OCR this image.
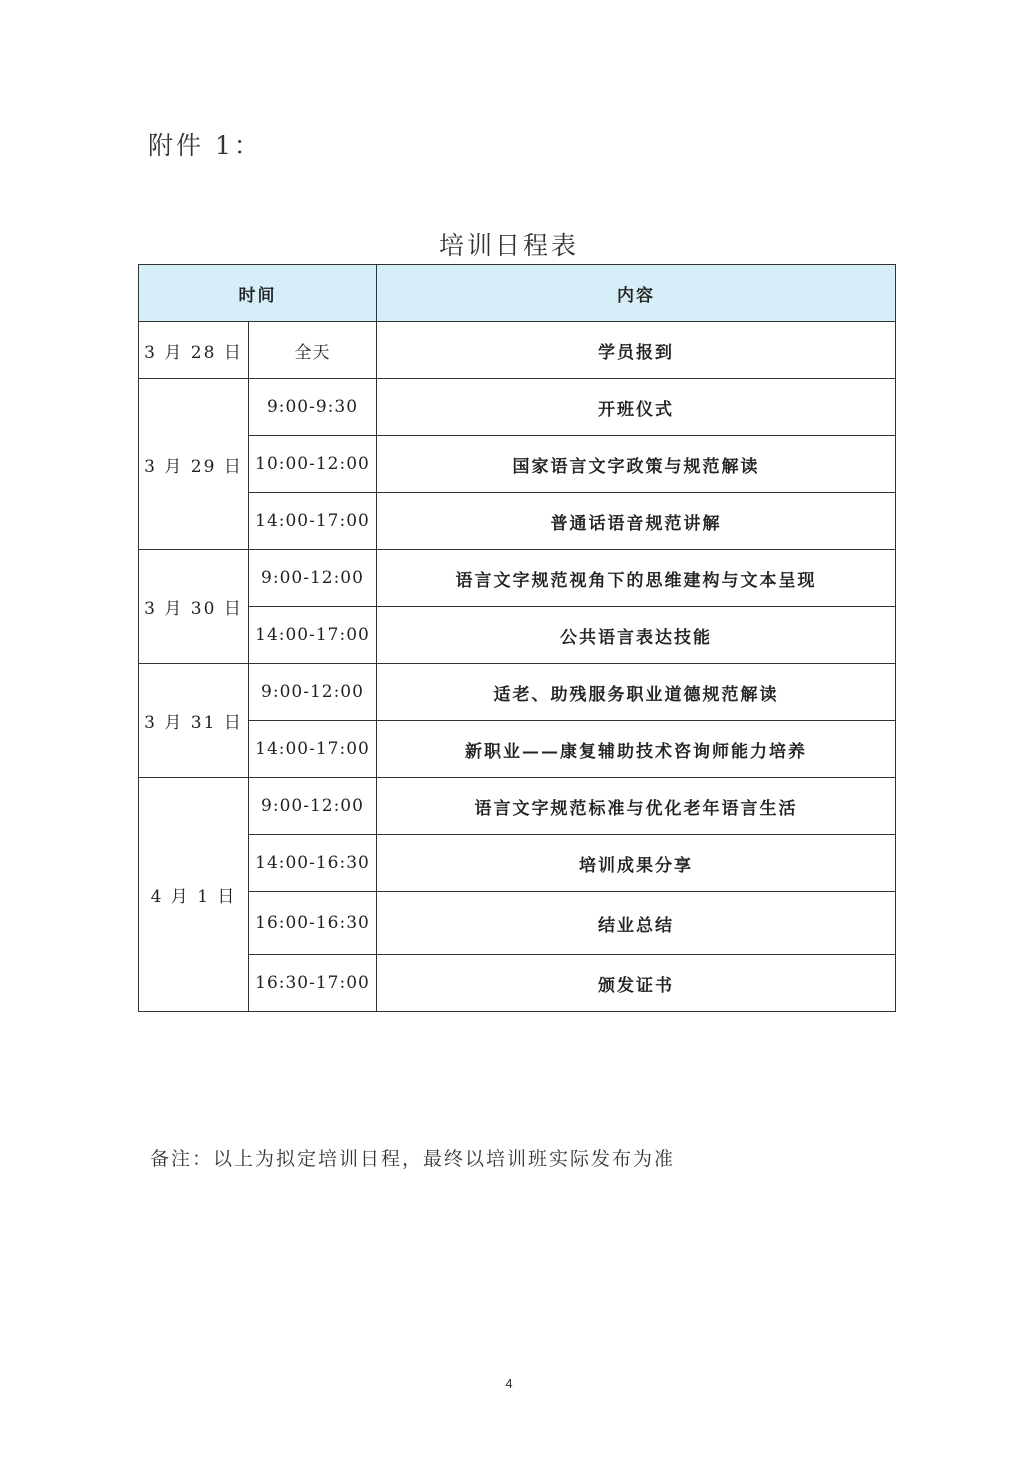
附件 1：
培训日程表
时间		内容
3 月 28 日	全天	学员报到
3 月 29 日	9:00-9:30	开班仪式
	10:00-12:00	国家语言文字政策与规范解读
	14:00-17:00	普通话语音规范讲解
3 月 30 日	9:00-12:00	语言文字规范视角下的思维建构与文本呈现
	14:00-17:00	公共语言表达技能
3 月 31 日	9:00-12:00	适老、助残服务职业道德规范解读
	14:00-17:00	新职业——康复辅助技术咨询师能力培养
4 月 1 日	9:00-12:00	语言文字规范标准与优化老年语言生活
	14:00-16:30	培训成果分享
	16:00-16:30	结业总结
	16:30-17:00	颁发证书
备注：以上为拟定培训日程，最终以培训班实际发布为准
4
